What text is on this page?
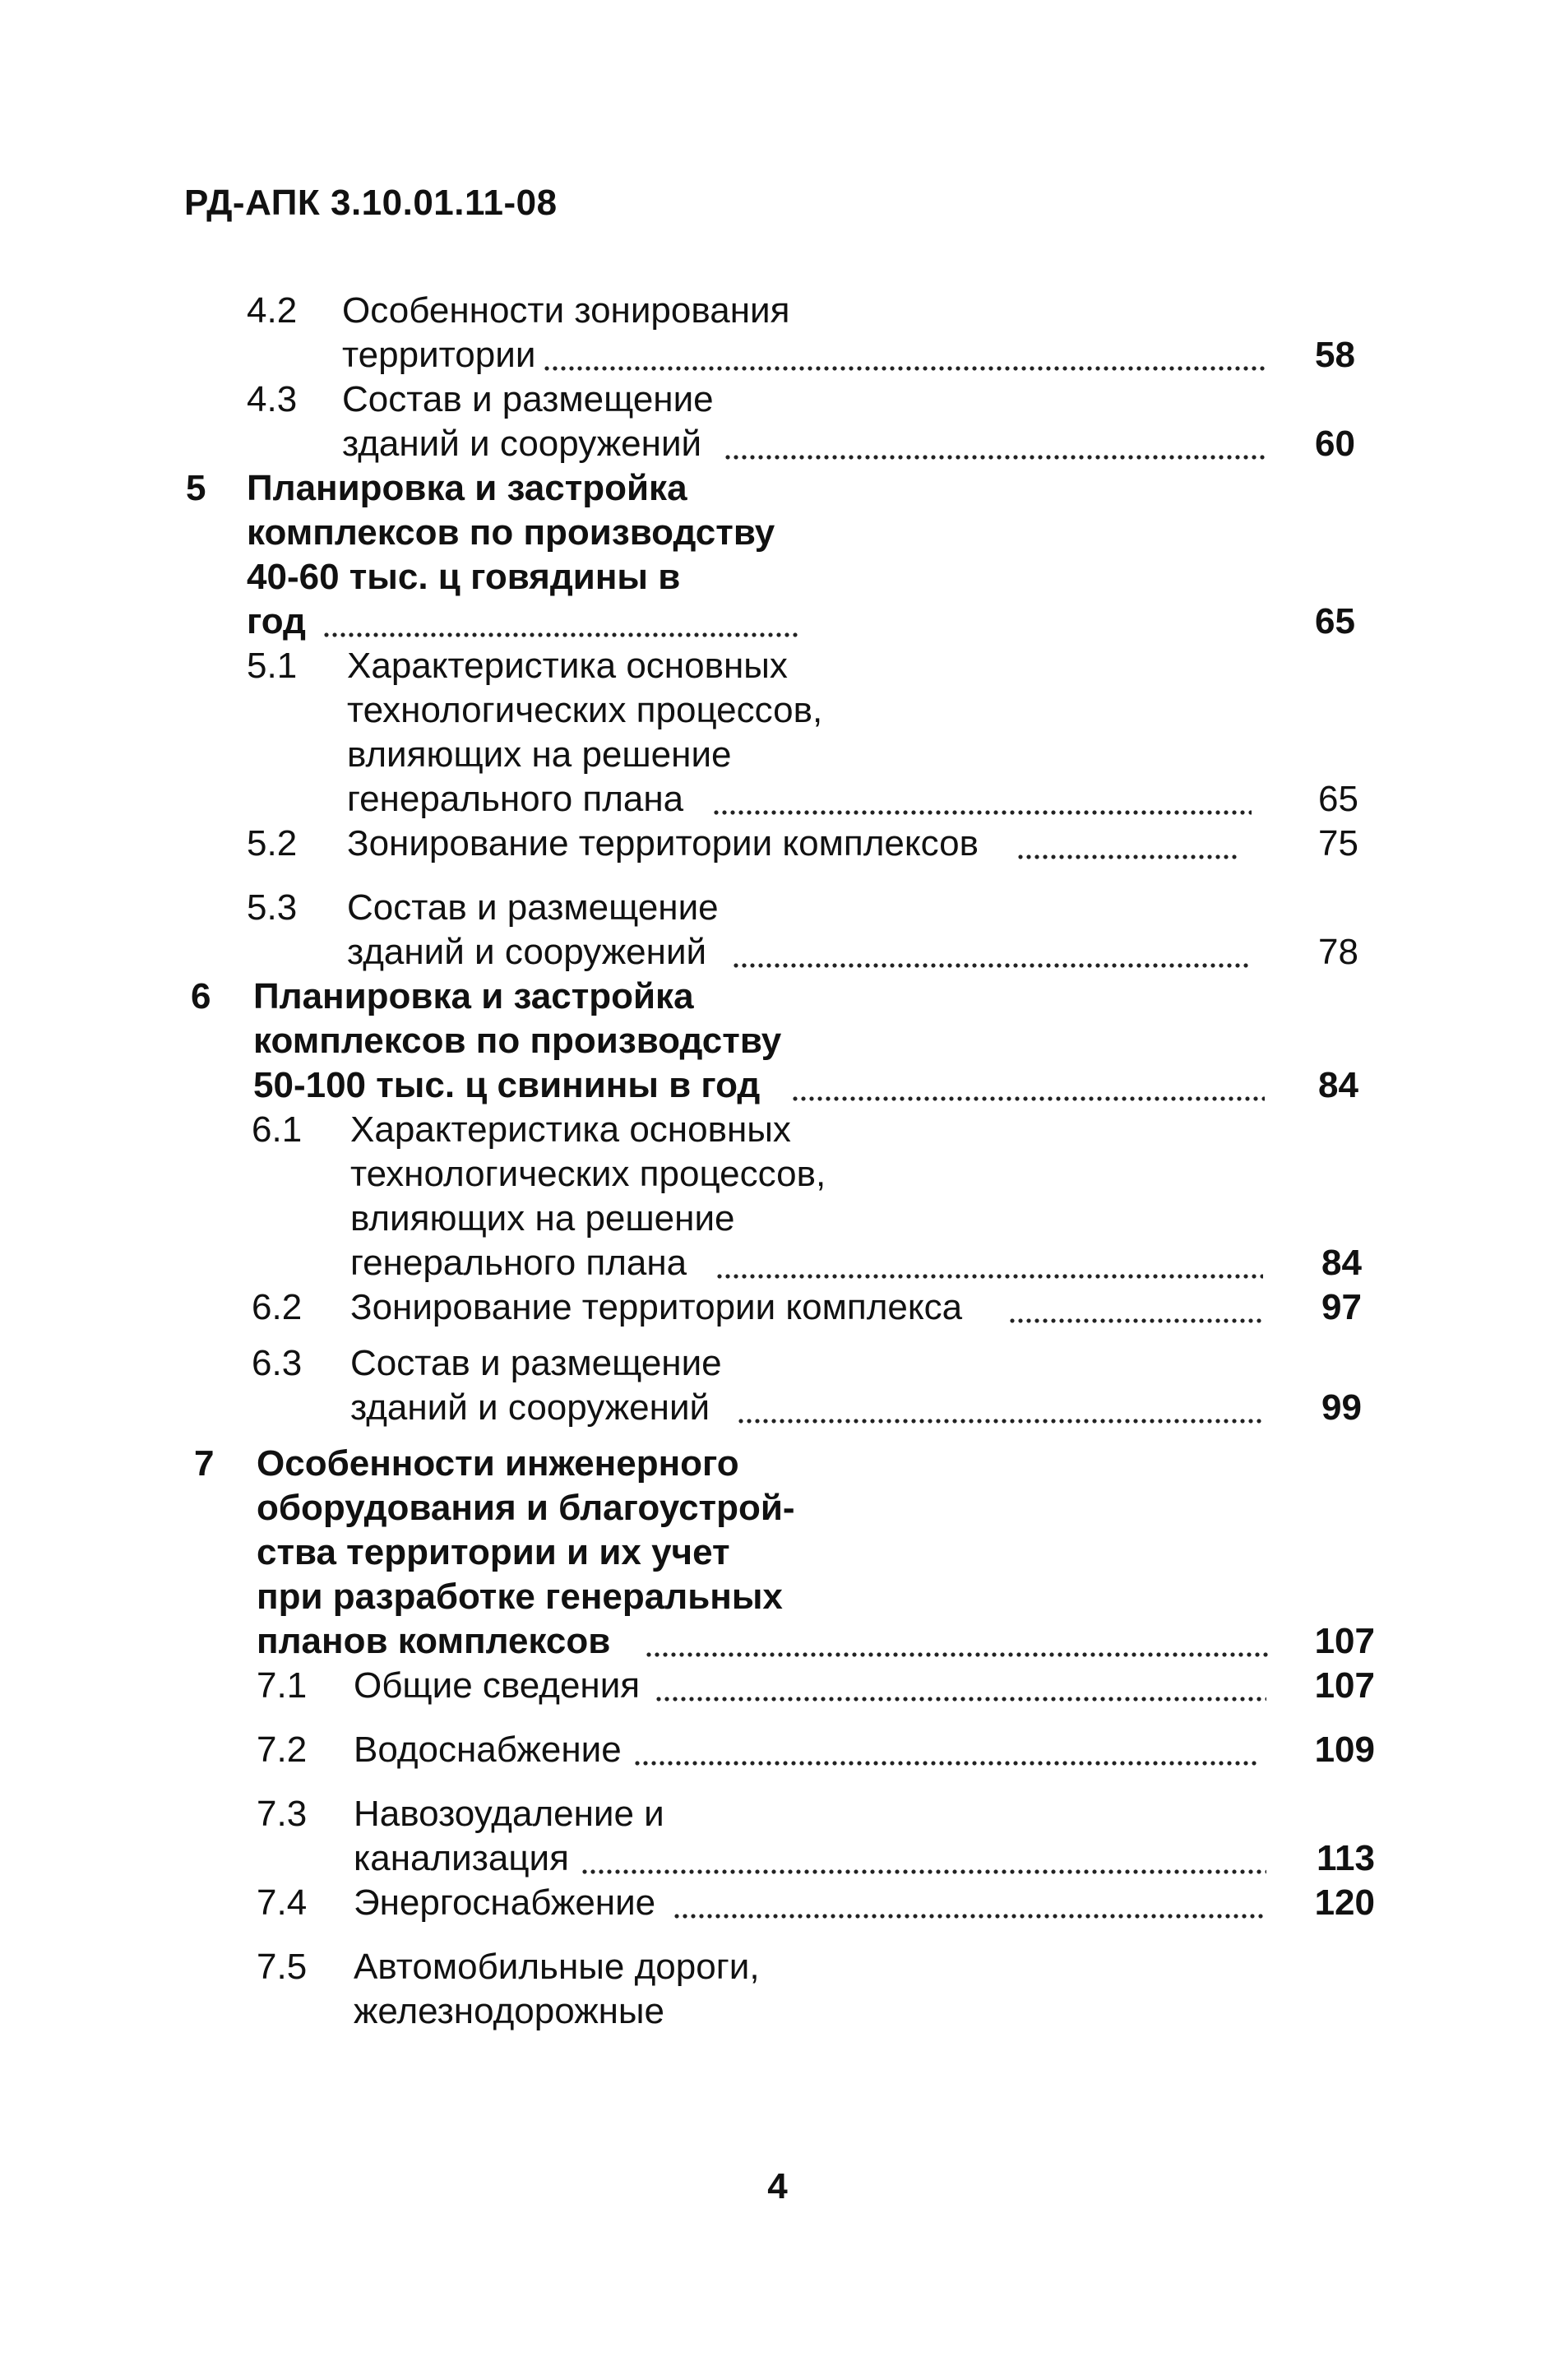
РД-АПК 3.10.01.11-08
4.2 Особенности зонирования
территории	58
4.3 Состав и размещение
зданий и сооружений	60
5 Планировка и застройка
комплексов по производству
40-60 тыс. ц говядины в
год	65
5.1 Характеристика основных
технологических процессов,
влияющих на решение
генерального плана	65
5.2 Зонирование территории комплексов	75
5.3 Состав и размещение
зданий и сооружений	78
6 Планировка и застройка
комплексов по производству
50-100 тыс. ц свинины в год	84
6.1 Характеристика основных
технологических процессов,
влияющих на решение
генерального плана	84
6.2 Зонирование территории комплекса	97
6.3 Состав и размещение
зданий и сооружений	99
7 Особенности инженерного
оборудования и благоустрой-
ства территории и их учет
при разработке генеральных
планов комплексов	107
7.1 Общие сведения	107
7.2 Водоснабжение	109
7.3 Навозоудаление и
канализация	113
7.4 Энергоснабжение	120
7.5 Автомобильные дороги,
железнодорожные
4
